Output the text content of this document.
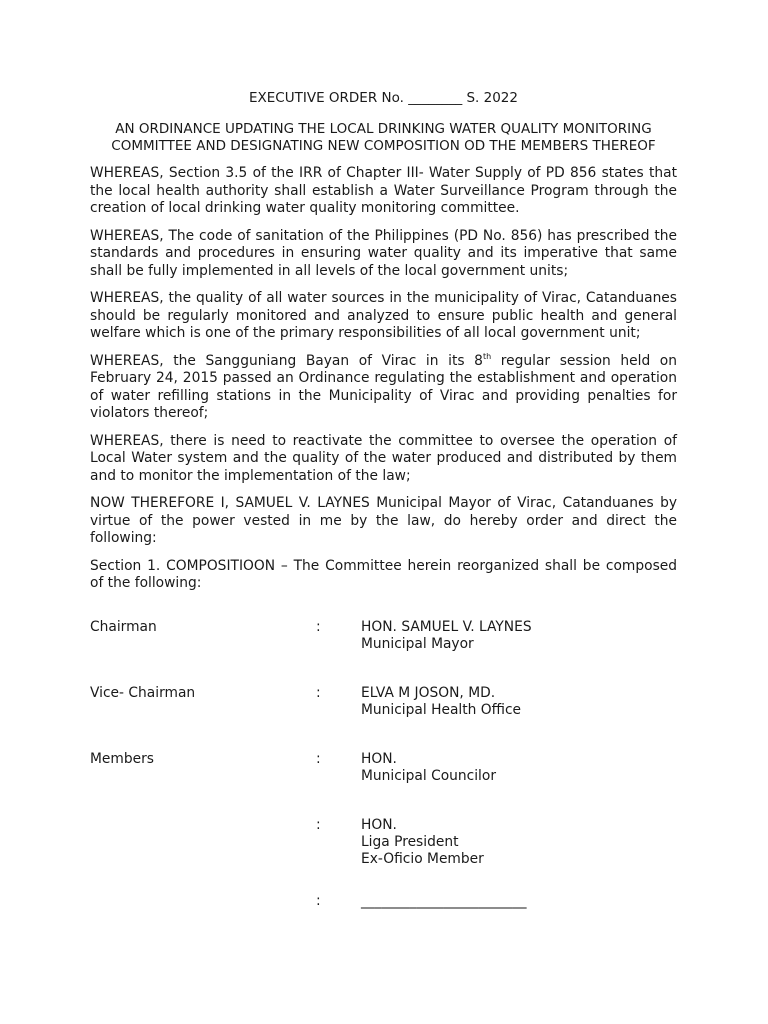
EXECUTIVE ORDER No. ________ S. 2022
AN ORDINANCE UPDATING THE LOCAL DRINKING WATER QUALITY MONITORING
COMMITTEE AND DESIGNATING NEW COMPOSITION OD THE MEMBERS THEREOF

WHEREAS, Section 3.5 of the IRR of Chapter III- Water Supply of PD 856 states that the local health authority shall establish a Water Surveillance Program through the creation of local drinking water quality monitoring committee.

WHEREAS, The code of sanitation of the Philippines (PD No. 856) has prescribed the standards and procedures in ensuring water quality and its imperative that same shall be fully implemented in all levels of the local government units;

WHEREAS, the quality of all water sources in the municipality of Virac, Catanduanes should be regularly monitored and analyzed to ensure public health and general welfare which is one of the primary responsibilities of all local government unit;

WHEREAS, the Sangguniang Bayan of Virac in its 8th regular session held on February 24, 2015 passed an Ordinance regulating the establishment and operation of water refilling stations in the Municipality of Virac and providing penalties for violators thereof;

WHEREAS, there is need to reactivate the committee to oversee the operation of Local Water system and the quality of the water produced and distributed by them and to monitor the implementation of the law;

NOW THEREFORE I, SAMUEL V. LAYNES Municipal Mayor of Virac, Catanduanes by virtue of the power vested in me by the law, do hereby order and direct the following:

Section 1. COMPOSITIOON – The Committee herein reorganized shall be composed of the following:

Chairman	:	HON. SAMUEL V. LAYNES
Municipal Mayor
Vice- Chairman	:	ELVA M JOSON, MD.
Municipal Health Office
Members	:	HON.
Municipal Councilor
:	HON.
Liga President
Ex-Oficio Member
:	________________________
